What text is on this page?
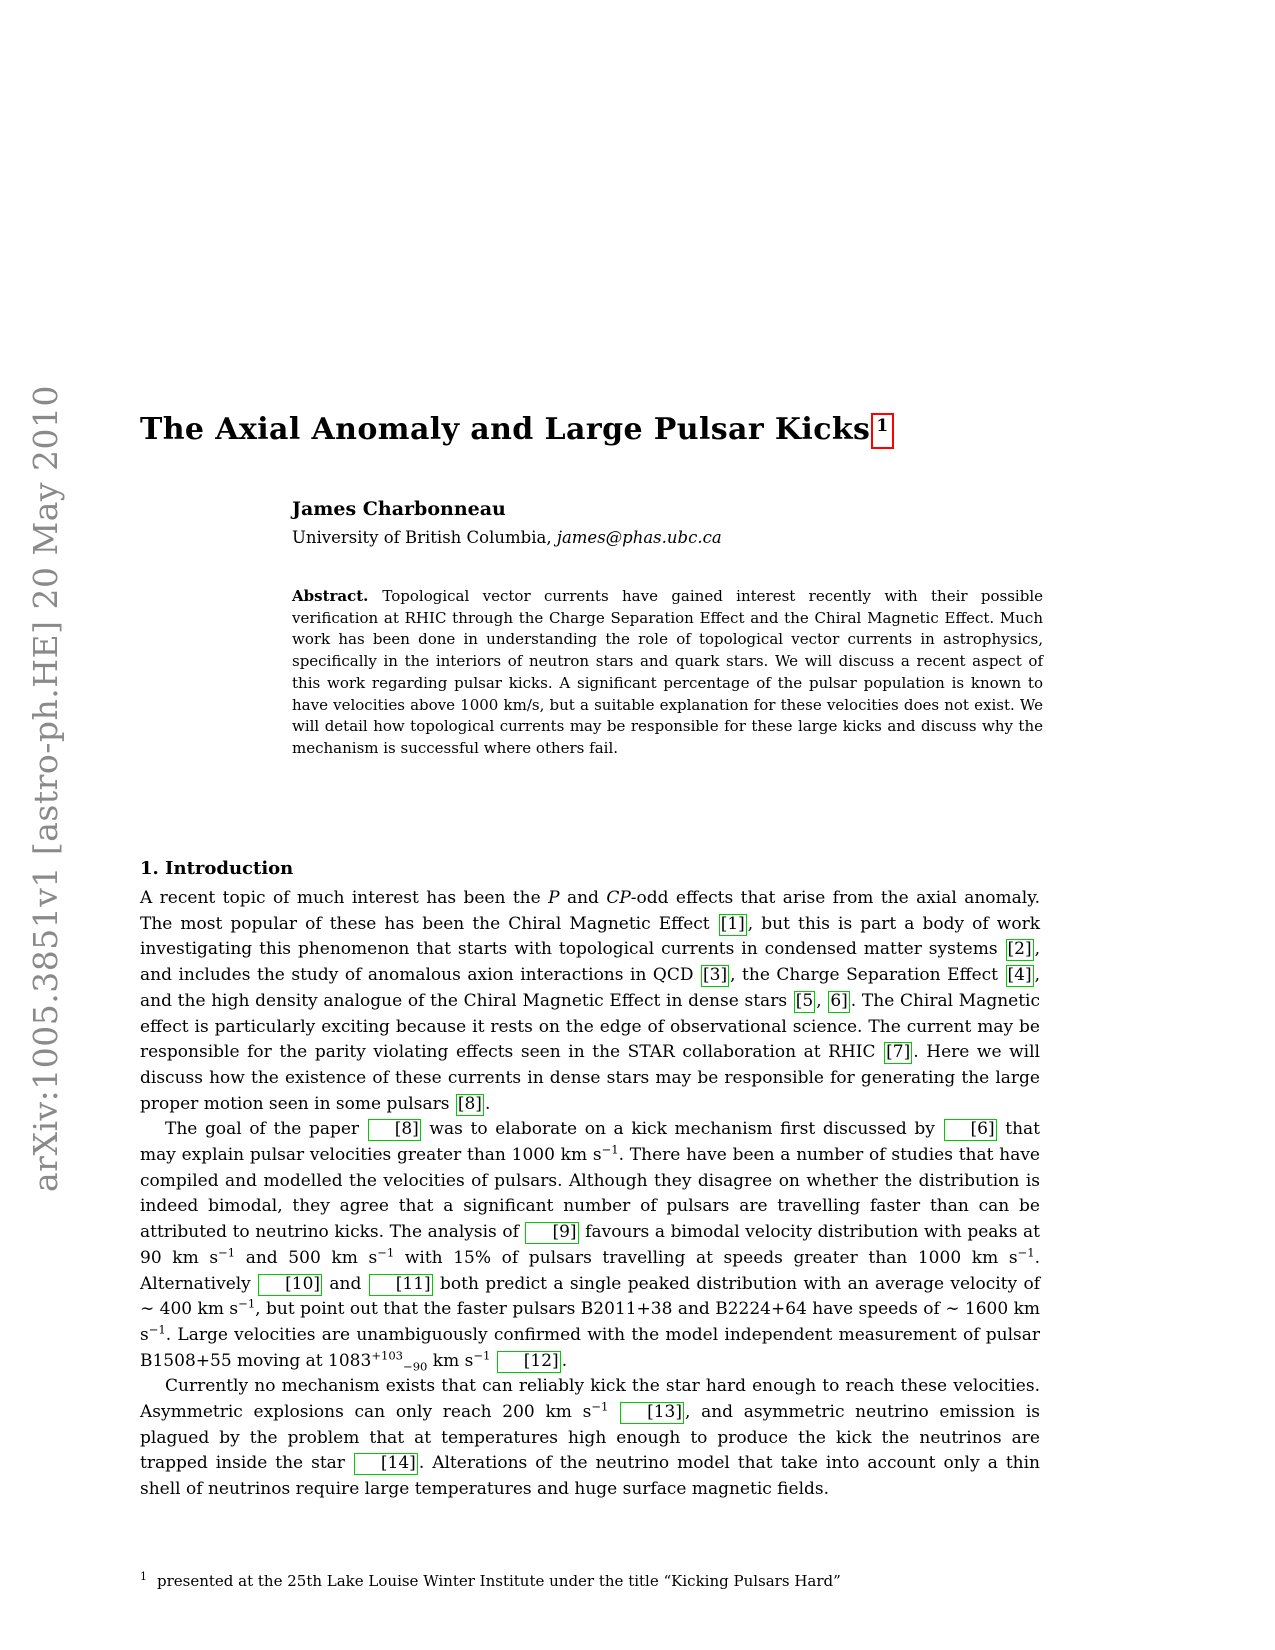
arXiv:1005.3851v1 [astro-ph.HE] 20 May 2010	The Axial Anomaly and Large Pulsar Kicks 1
James Charbonneau
University of British Columbia, james@phas.ubc.ca
Abstract. Topological vector currents have gained interest recently with their possible verification at RHIC through the Charge Separation Effect and the Chiral Magnetic Effect. Much work has been done in understanding the role of topological vector currents in astrophysics, specifically in the interiors of neutron stars and quark stars. We will discuss a recent aspect of this work regarding pulsar kicks. A significant percentage of the pulsar population is known to have velocities above 1000 km/s, but a suitable explanation for these velocities does not exist. We will detail how topological currents may be responsible for these large kicks and discuss why the mechanism is successful where others fail.
1. Introduction

A recent topic of much interest has been the P and CP-odd effects that arise from the axial anomaly. The most popular of these has been the Chiral Magnetic Effect [1] , but this is part a body of work investigating this phenomenon that starts with topological currents in condensed matter systems [2] , and includes the study of anomalous axion interactions in QCD [3] , the Charge Separation Effect [4] , and the high density analogue of the Chiral Magnetic Effect in dense stars [5 , 6] . The Chiral Magnetic effect is particularly exciting because it rests on the edge of observational science. The current may be responsible for the parity violating effects seen in the STAR collaboration at RHIC [7] . Here we will discuss how the existence of these currents in dense stars may be responsible for generating the large proper motion seen in some pulsars [8] .

The goal of the paper [8] was to elaborate on a kick mechanism first discussed by [6] that may explain pulsar velocities greater than 1000 km $s^{-1}$. There have been a number of studies that have compiled and modelled the velocities of pulsars. Although they disagree on whether the distribution is indeed bimodal, they agree that a significant number of pulsars are travelling faster than can be attributed to neutrino kicks. The analysis of [9] favours a bimodal velocity distribution with peaks at 90 km $s^{-1}$ and 500 km $s^{-1}$ with 15% of pulsars travelling at speeds greater than 1000 km $s^{-1}$. Alternatively [10] and [11] both predict a single peaked distribution with an average velocity of ∼ 400 km $s^{-1}$, but point out that the faster pulsars B2011+38 and B2224+64 have speeds of ∼ 1600 km $s^{-1}$. Large velocities are unambiguously confirmed with the model independent measurement of pulsar B1508+55 moving at $1083^{+103}_{-90}$ km $s^{-1}$ [12] .

Currently no mechanism exists that can reliably kick the star hard enough to reach these velocities. Asymmetric explosions can only reach 200 km $s^{-1}$ [13] , and asymmetric neutrino emission is plagued by the problem that at temperatures high enough to produce the kick the neutrinos are trapped inside the star [14] . Alterations of the neutrino model that take into account only a thin shell of neutrinos require large temperatures and huge surface magnetic fields.

$^1$ presented at the 25th Lake Louise Winter Institute under the title “Kicking Pulsars Hard”
